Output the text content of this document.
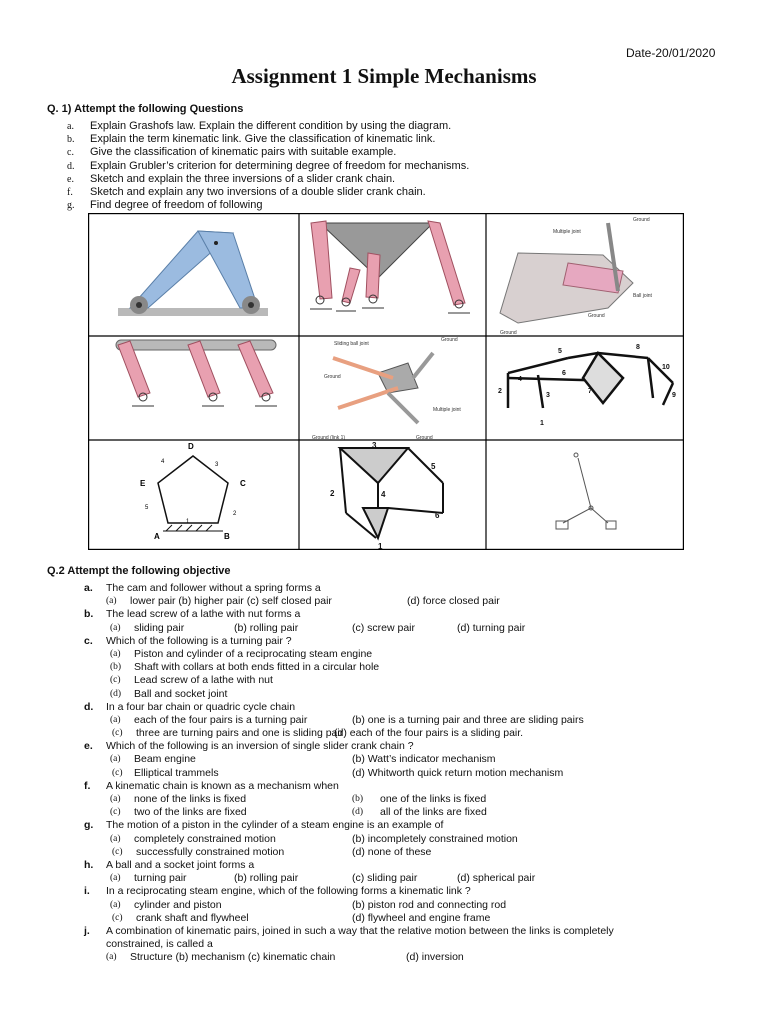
Date-20/01/2020
Assignment 1 Simple Mechanisms
Q. 1) Attempt the following Questions
a.	Explain Grashofs law. Explain the different condition by using the diagram.
b.	Explain the term kinematic link. Give the classification of kinematic link.
c.	Give the classification of kinematic pairs with suitable example.
d.	Explain Grubler’s criterion for determining degree of freedom for mechanisms.
e.	Sketch and explain the three inversions of a slider crank chain.
f.	Sketch and explain any two inversions of a double slider crank chain.
g.	Find degree of freedom of following
Ground
Multiple joint
Ball joint
Ground
Ground
Sliding ball joint
Ground
Ground
Multiple joint
Ground (link 1)	Ground
5
8
2
3
6
7
10
9
4
1
D
E	C
A	B
4	3
5
2
1
3
2	4
5
6
1
Q.2 Attempt the following objective
a. The cam and follower without a spring forms a
(a) lower pair (b) higher pair (c) self closed pair	(d) force closed pair
b. The lead screw of a lathe with nut forms a
(a) sliding pair	(b) rolling pair	(c) screw pair	(d) turning pair
c. Which of the following is a turning pair ?
(a) Piston and cylinder of a reciprocating steam engine
(b) Shaft with collars at both ends fitted in a circular hole
(c) Lead screw of a lathe with nut
(d) Ball and socket joint
d. In a four bar chain or quadric cycle chain
(a) each of the four pairs is a turning pair	(b) one is a turning pair and three are sliding pairs
(c) three are turning pairs and one is sliding pair
(d) each of the four pairs is a sliding pair.
e. Which of the following is an inversion of single slider crank chain ?
(a) Beam engine	(b) Watt’s indicator mechanism
(c) Elliptical trammels	(d) Whitworth quick return motion mechanism
f. A kinematic chain is known as a mechanism when
(a) none of the links is fixed	(b) one of the links is fixed
(c) two of the links are fixed	(d) all of the links are fixed
g. The motion of a piston in the cylinder of a steam engine is an example of
(a) completely constrained motion	(b) incompletely constrained motion
(c) successfully constrained motion	(d) none of these
h. A ball and a socket joint forms a
(a) turning pair	(b) rolling pair	(c) sliding pair	(d) spherical pair
i. In a reciprocating steam engine, which of the following forms a kinematic link ?
(a) cylinder and piston	(b) piston rod and connecting rod
(c) crank shaft and flywheel	(d) flywheel and engine frame
j. A combination of kinematic pairs, joined in such a way that the relative motion between the links is completely
constrained, is called a
(a) Structure (b) mechanism (c) kinematic chain	(d) inversion
